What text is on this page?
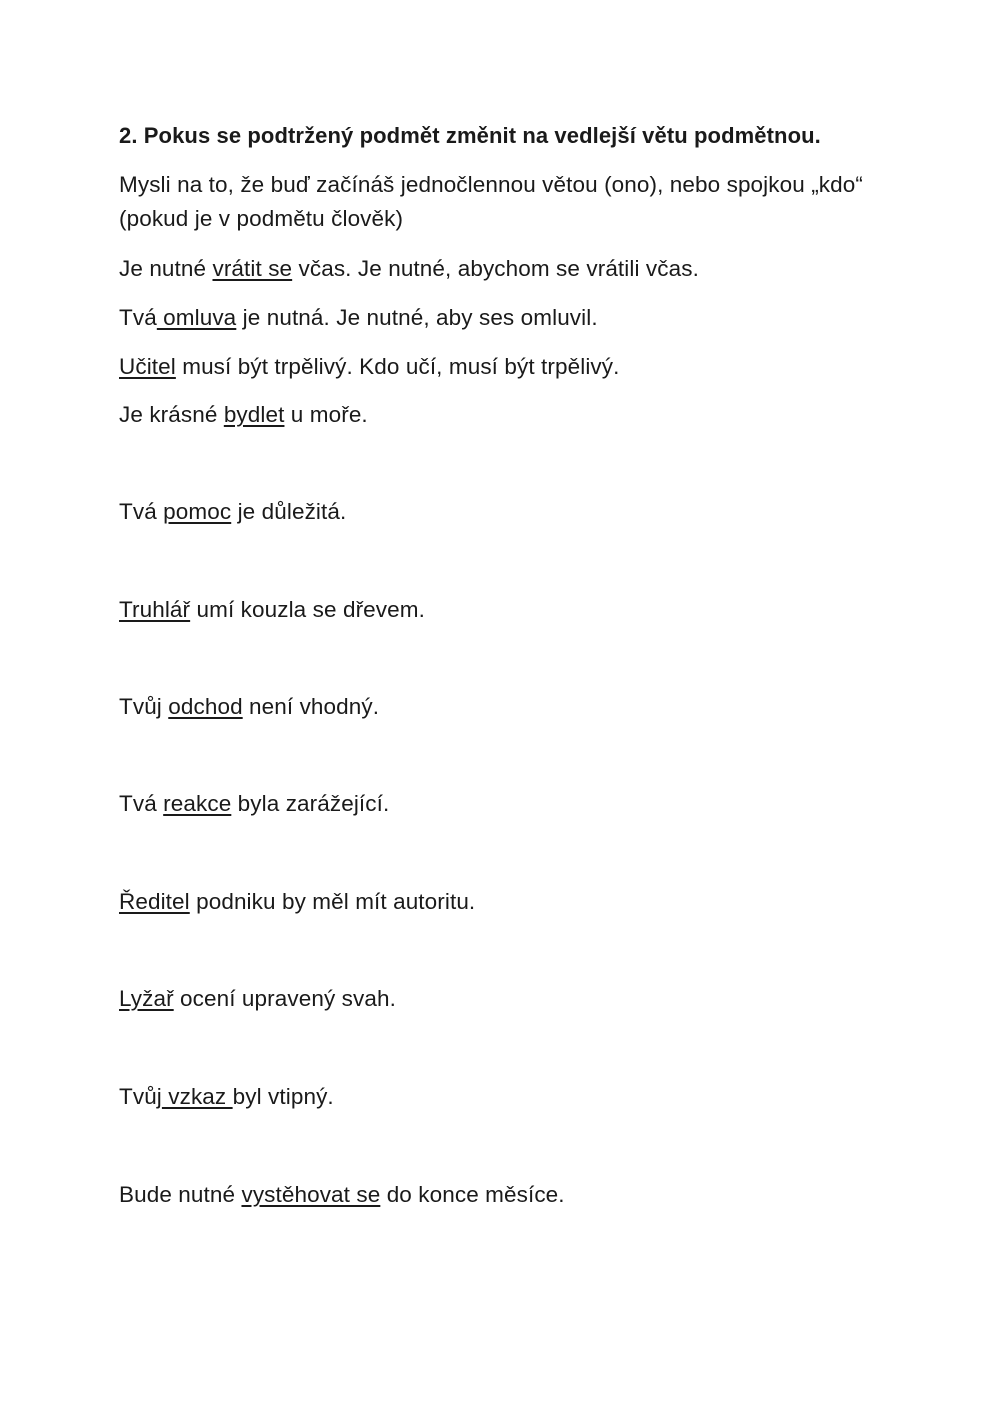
2. Pokus se podtržený podmět změnit na vedlejší větu podmětnou.
Mysli na to, že buď začínáš jednočlennou větou (ono), nebo spojkou „kdo“ (pokud je v podmětu člověk)
Je nutné vrátit se včas. Je nutné, abychom se vrátili včas.
Tvá omluva je nutná. Je nutné, aby ses omluvil.
Učitel musí být trpělivý. Kdo učí, musí být trpělivý.
Je krásné bydlet u moře.
Tvá pomoc je důležitá.
Truhlář umí kouzla se dřevem.
Tvůj odchod není vhodný.
Tvá reakce byla zarážející.
Ředitel podniku by měl mít autoritu.
Lyžař ocení upravený svah.
Tvůj vzkaz byl vtipný.
Bude nutné vystěhovat se do konce měsíce.
